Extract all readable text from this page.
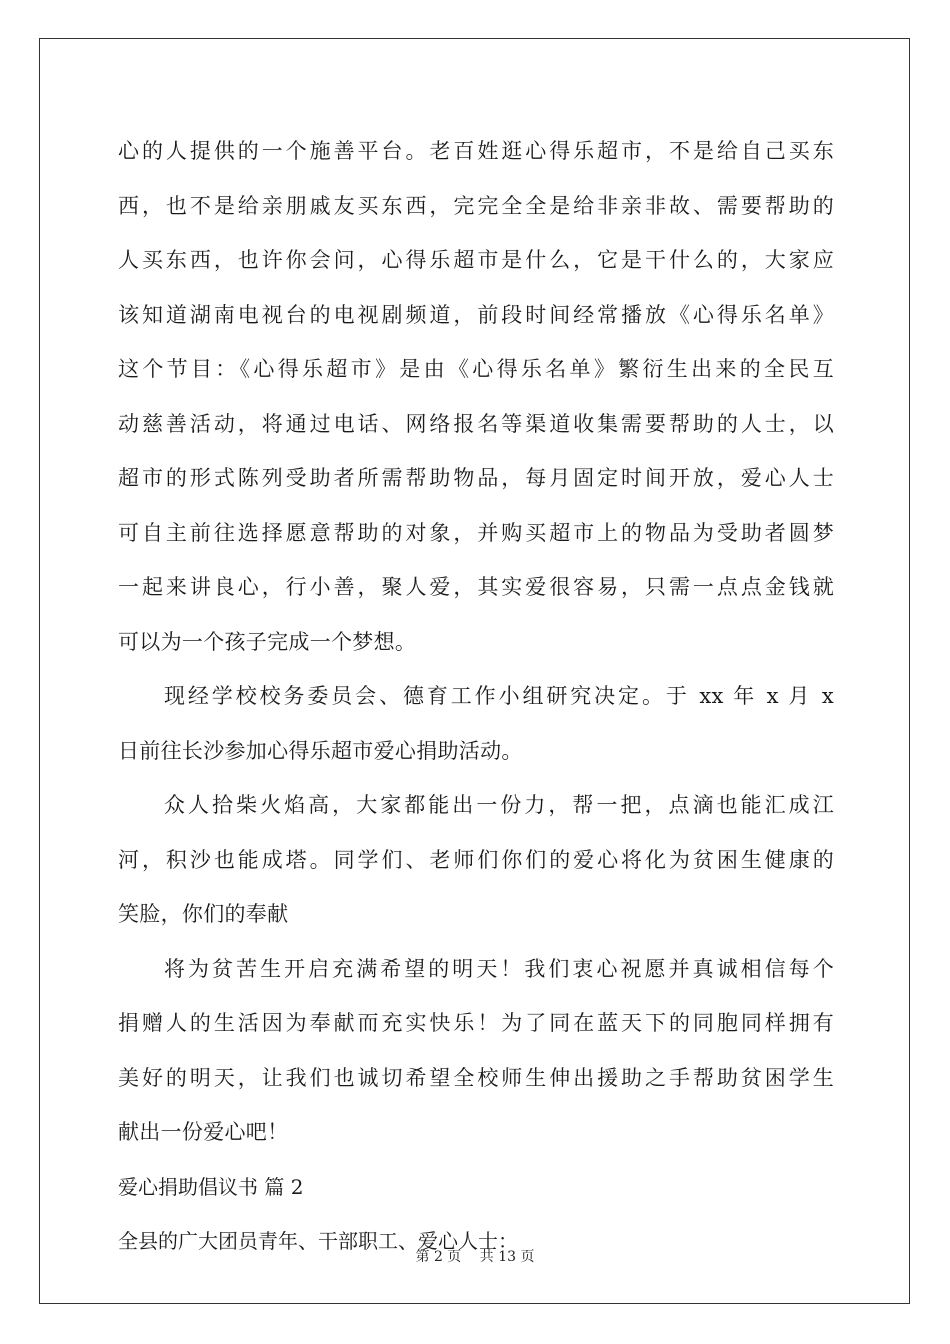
心的人提供的一个施善平台。老百姓逛心得乐超市，不是给自己买东
西，也不是给亲朋戚友买东西，完完全全是给非亲非故、需要帮助的
人买东西，也许你会问，心得乐超市是什么，它是干什么的，大家应
该知道湖南电视台的电视剧频道，前段时间经常播放《心得乐名单》
这个节目：《心得乐超市》是由《心得乐名单》繁衍生出来的全民互
动慈善活动，将通过电话、网络报名等渠道收集需要帮助的人士，以
超市的形式陈列受助者所需帮助物品，每月固定时间开放，爱心人士
可自主前往选择愿意帮助的对象，并购买超市上的物品为受助者圆梦
一起来讲良心，行小善，聚人爱，其实爱很容易，只需一点点金钱就
可以为一个孩子完成一个梦想。
现经学校校务委员会、德育工作小组研究决定。于 xx 年 x 月 x
日前往长沙参加心得乐超市爱心捐助活动。
众人拾柴火焰高，大家都能出一份力，帮一把，点滴也能汇成江
河，积沙也能成塔。同学们、老师们你们的爱心将化为贫困生健康的
笑脸，你们的奉献
将为贫苦生开启充满希望的明天！我们衷心祝愿并真诚相信每个
捐赠人的生活因为奉献而充实快乐！为了同在蓝天下的同胞同样拥有
美好的明天，让我们也诚切希望全校师生伸出援助之手帮助贫困学生
献出一份爱心吧！
爱心捐助倡议书 篇 2
全县的广大团员青年、干部职工、爱心人士：
第 2 页　 共 13 页
